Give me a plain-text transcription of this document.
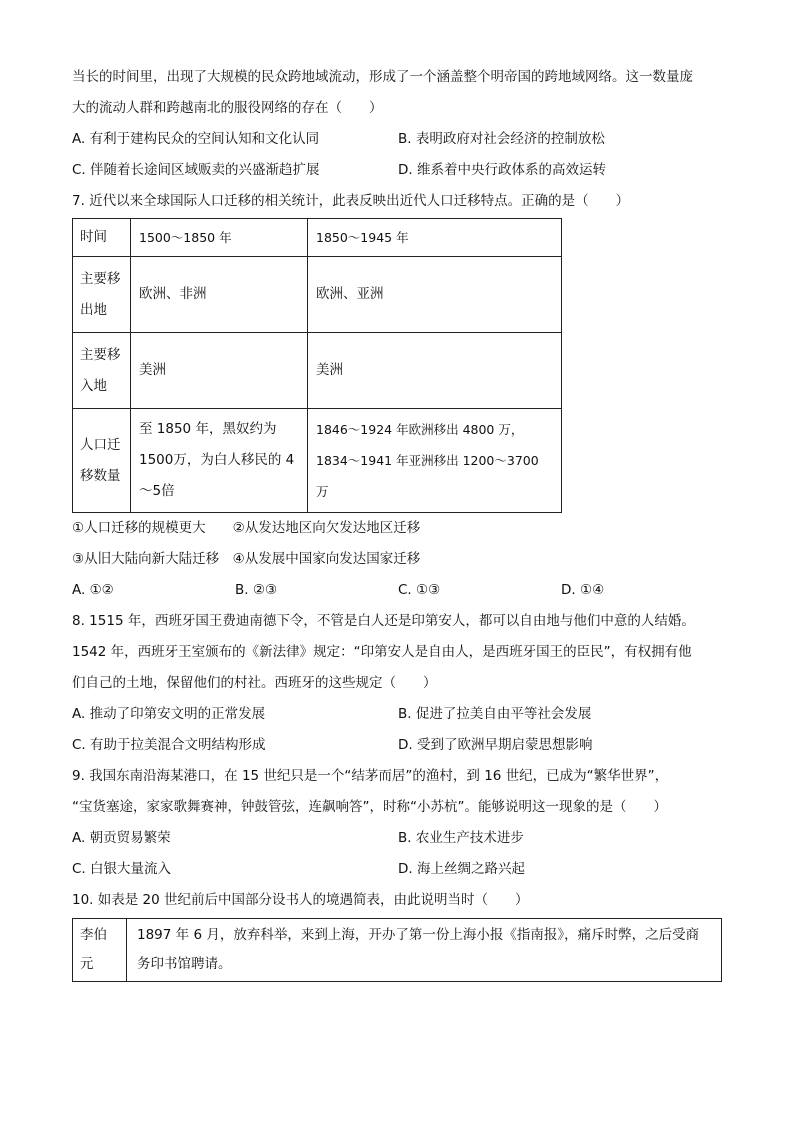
当长的时间里，出现了大规模的民众跨地域流动，形成了一个涵盖整个明帝国的跨地域网络。这一数量庞
大的流动人群和跨越南北的服役网络的存在（　　）
A. 有利于建构民众的空间认知和文化认同	B. 表明政府对社会经济的控制放松
C. 伴随着长途间区域贩卖的兴盛渐趋扩展	D. 维系着中央行政体系的高效运转
7. 近代以来全球国际人口迁移的相关统计，此表反映出近代人口迁移特点。正确的是（　　）
时间	1500～1850 年	1850～1945 年
主要移出地	欧洲、非洲	欧洲、亚洲
主要移入地	美洲	美洲
人口迁移数量	至 1850 年，黑奴约为 1500万，为白人移民的 4～5倍	1846～1924 年欧洲移出 4800 万，
1834～1941 年亚洲移出 1200～3700 万
①人口迁移的规模更大　　②从发达地区向欠发达地区迁移
③从旧大陆向新大陆迁移　④从发展中国家向发达国家迁移
A. ①②	B. ②③	C. ①③	D. ①④
8. 1515 年，西班牙国王费迪南德下令，不管是白人还是印第安人，都可以自由地与他们中意的人结婚。
1542 年，西班牙王室颁布的《新法律》规定：“印第安人是自由人，是西班牙国王的臣民”，有权拥有他
们自己的土地，保留他们的村社。西班牙的这些规定（　　）
A. 推动了印第安文明的正常发展	B. 促进了拉美自由平等社会发展
C. 有助于拉美混合文明结构形成	D. 受到了欧洲早期启蒙思想影响
9. 我国东南沿海某港口，在 15 世纪只是一个“结茅而居”的渔村，到 16 世纪，已成为“繁华世界”，
“宝货塞途，家家歌舞赛神，钟鼓管弦，连飙响答”，时称“小苏杭”。能够说明这一现象的是（　　）
A. 朝贡贸易繁荣	B. 农业生产技术进步
C. 白银大量流入	D. 海上丝绸之路兴起
10. 如表是 20 世纪前后中国部分设书人的境遇简表，由此说明当时（　　）
李伯元	1897 年 6 月，放弃科举，来到上海，开办了第一份上海小报《指南报》，痛斥时弊，之后受商务印书馆聘请。
